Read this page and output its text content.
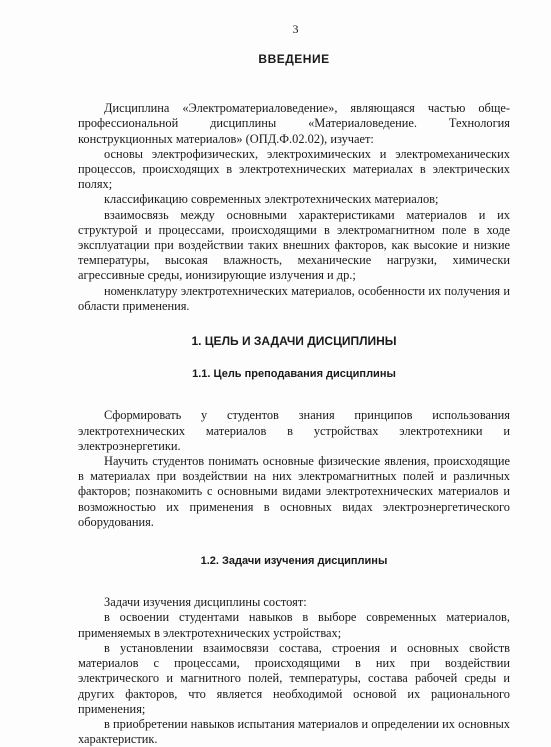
3
ВВЕДЕНИЕ

Дисциплина «Электроматериаловедение», являющаяся частью обще-профессиональной дисциплины «Материаловедение. Технология конструкционных материалов» (ОПД.Ф.02.02), изучает:

основы электрофизических, электрохимических и электромеханических процессов, происходящих в электротехнических материалах в электрических полях;

классификацию современных электротехнических материалов;

взаимосвязь между основными характеристиками материалов и их структурой и процессами, происходящими в электромагнитном поле в ходе эксплуатации при воздействии таких внешних факторов, как высокие и низкие температуры, высокая влажность, механические нагрузки, химически агрессивные среды, ионизирующие излучения и др.;

номенклатуру электротехнических материалов, особенности их получения и области применения.

1. ЦЕЛЬ И ЗАДАЧИ ДИСЦИПЛИНЫ
1.1. Цель преподавания дисциплины

Сформировать у студентов знания принципов использования электротехнических материалов в устройствах электротехники и электроэнергетики.

Научить студентов понимать основные физические явления, происходящие в материалах при воздействии на них электромагнитных полей и различных факторов; познакомить с основными видами электротехнических материалов и возможностью их применения в основных видах электроэнергетического оборудования.

1.2. Задачи изучения дисциплины

Задачи изучения дисциплины состоят:

в освоении студентами навыков в выборе современных материалов, применяемых в электротехнических устройствах;

в установлении взаимосвязи состава, строения и основных свойств материалов с процессами, происходящими в них при воздействии электрического и магнитного полей, температуры, состава рабочей среды и других факторов, что является необходимой основой их рационального применения;

в приобретении навыков испытания материалов и определении их основных характеристик.
